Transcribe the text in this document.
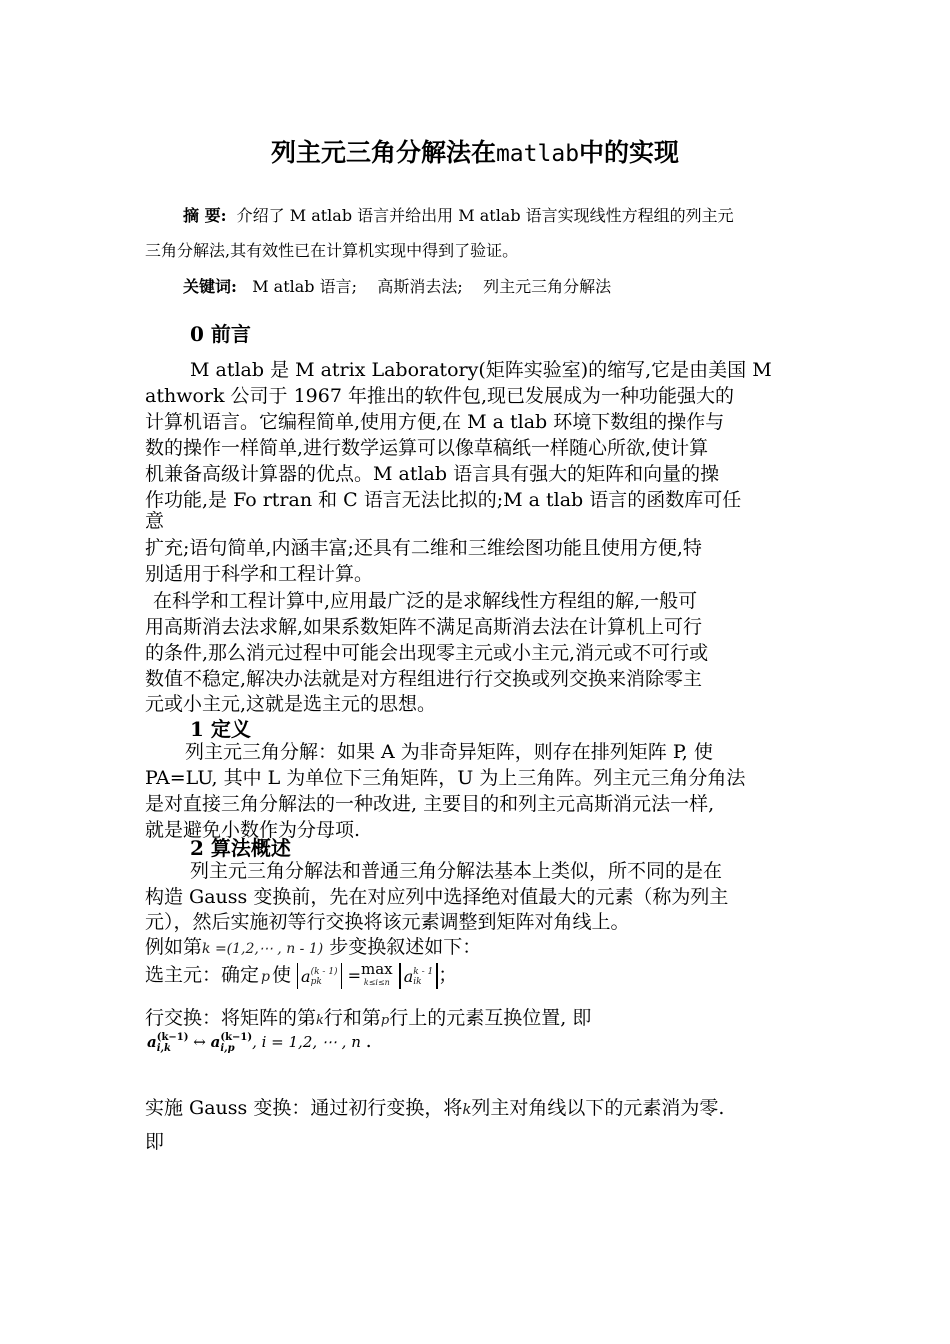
列主元三角分解法在matlab中的实现
摘 要: 介绍了 M atlab 语言并给出用 M atlab 语言实现线性方程组的列主元
三角分解法,其有效性已在计算机实现中得到了验证。
关键词: M atlab 语言; 高斯消去法; 列主元三角分解法
0 前言
M atlab 是 M atrix Laboratory(矩阵实验室)的缩写,它是由美国 M
athwork 公司于 1967 年推出的软件包,现已发展成为一种功能强大的
计算机语言。它编程简单,使用方便,在 M a tlab 环境下数组的操作与
数的操作一样简单,进行数学运算可以像草稿纸一样随心所欲,使计算
机兼备高级计算器的优点。M atlab 语言具有强大的矩阵和向量的操
作功能,是 Fo rtran 和 C 语言无法比拟的;M a tlab 语言的函数库可任
意
扩充;语句简单,内涵丰富;还具有二维和三维绘图功能且使用方便,特
别适用于科学和工程计算。
在科学和工程计算中,应用最广泛的是求解线性方程组的解,一般可
用高斯消去法求解,如果系数矩阵不满足高斯消去法在计算机上可行
的条件,那么消元过程中可能会出现零主元或小主元,消元或不可行或
数值不稳定,解决办法就是对方程组进行行交换或列交换来消除零主
元或小主元,这就是选主元的思想。
1 定义
列主元三角分解：如果 A 为非奇异矩阵，则存在排列矩阵 P, 使
PA=LU, 其中 L 为单位下三角矩阵，U 为上三角阵。列主元三角分角法
是对直接三角分解法的一种改进, 主要目的和列主元高斯消元法一样,
就是避免小数作为分母项.
2 算法概述
列主元三角分解法和普通三角分解法基本上类似，所不同的是在
构造 Gauss 变换前，先在对应列中选择绝对值最大的元素（称为列主
元），然后实施初等行交换将该元素调整到矩阵对角线上。
例如第k =(1,2,⋯ , n - 1) 步变换叙述如下：
选主元：确定 p 使 a (k - 1)
pk	= max
k≤i≤n a k - 1
ik ；
行交换：将矩阵的第k行和第p行上的元素互换位置, 即
a (k−1)
i,k	↔ a (k−1)
i,p	, i = 1,2, ⋯ , n .
实施 Gauss 变换：通过初行变换，将k列主对角线以下的元素消为零.
即
